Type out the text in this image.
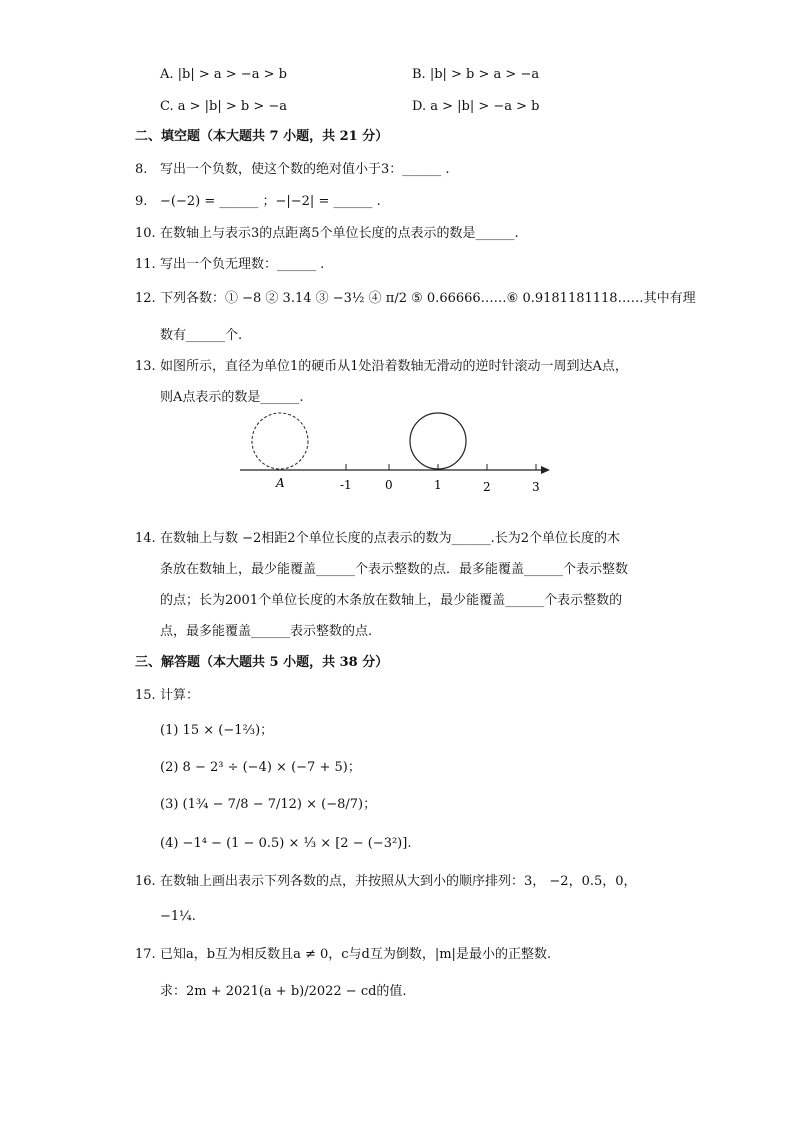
A. |b| > a > −a > b	B. |b| > b > a > −a
C. a > |b| > b > −a	D. a > |b| > −a > b
二、填空题（本大题共 7 小题，共 21 分）
8. 写出一个负数，使这个数的绝对值小于3：______ .
9. −(−2) = ______ ；−|−2| = ______ .
10. 在数轴上与表示3的点距离5个单位长度的点表示的数是______.
11. 写出一个负无理数：______ .
12. 下列各数：① −8 ② 3.14 ③ −3½ ④ π/2 ⑤ 0.66666……⑥ 0.9181181118……其中有理
数有______个.
13. 如图所示，直径为单位1的硬币从1处沿着数轴无滑动的逆时针滚动一周到达A点，
则A点表示的数是______.
A	-1	0	1	2	3
14. 在数轴上与数 −2相距2个单位长度的点表示的数为______.长为2个单位长度的木
条放在数轴上，最少能覆盖______个表示整数的点．最多能覆盖______个表示整数
的点；长为2001个单位长度的木条放在数轴上，最少能覆盖______个表示整数的
点，最多能覆盖______表示整数的点.
三、解答题（本大题共 5 小题，共 38 分）
15. 计算：
(1) 15 × (−1⅔)；
(2) 8 − 2³ ÷ (−4) × (−7 + 5)；
(3) (1¾ − 7/8 − 7/12) × (−8/7)；
(4) −1⁴ − (1 − 0.5) × ⅓ × [2 − (−3²)].
16. 在数轴上画出表示下列各数的点，并按照从大到小的顺序排列：3， −2，0.5，0，
−1¼.
17. 已知a，b互为相反数且a ≠ 0，c与d互为倒数，|m|是最小的正整数.
求：2m + 2021(a + b)/2022 − cd的值.
